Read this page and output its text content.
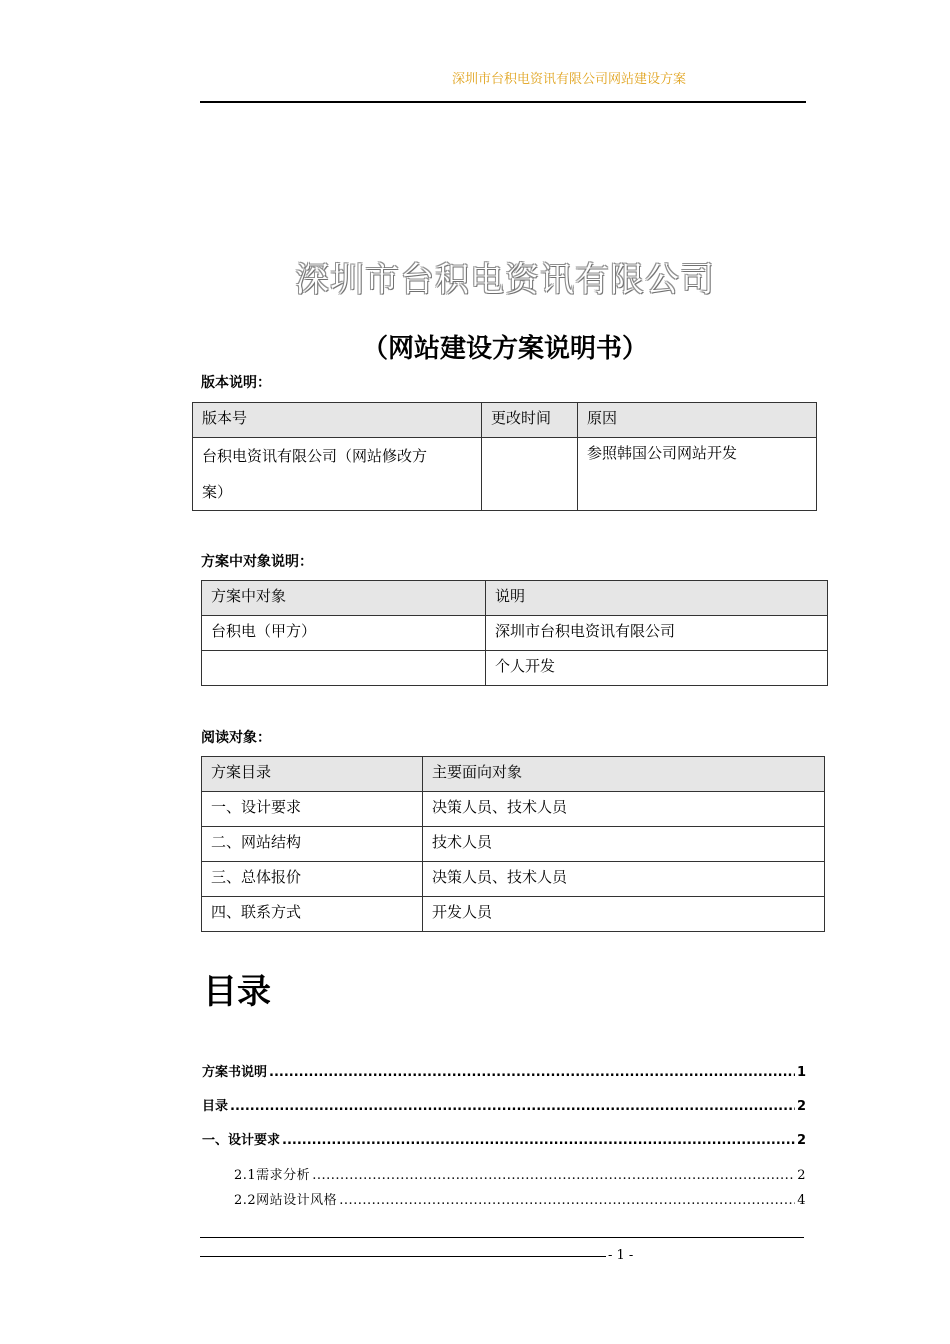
深圳市台积电资讯有限公司网站建设方案
深圳市台积电资讯有限公司
（网站建设方案说明书）
版本说明：
版本号	更改时间	原因

台积电资讯有限公司（网站修改方
案）		参照韩国公司网站开发
方案中对象说明：
方案中对象	说明
台积电（甲方）	深圳市台积电资讯有限公司
	个人开发
阅读对象：
方案目录	主要面向对象
一、设计要求	决策人员、技术人员
二、网站结构	技术人员
三、总体报价	决策人员、技术人员
四、联系方式	开发人员
目录
方案书说明 .....	1
目录 .....	2
一、设计要求 .....	2
2.1需求分析 .....	2
2.2网站设计风格 .....	4
- 1 -
